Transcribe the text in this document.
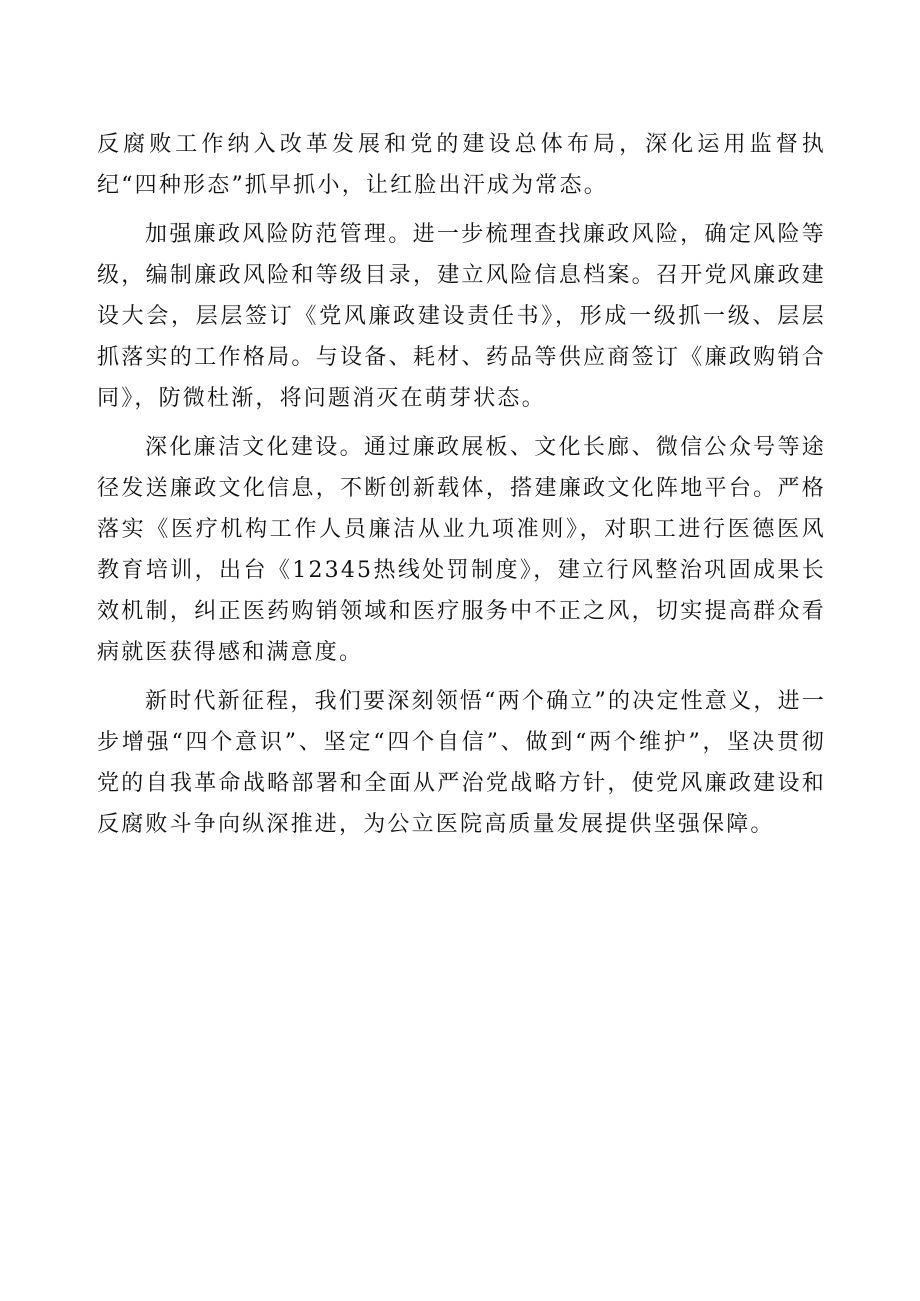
反腐败工作纳入改革发展和党的建设总体布局，深化运用监督执纪“四种形态”抓早抓小，让红脸出汗成为常态。

加强廉政风险防范管理。进一步梳理查找廉政风险，确定风险等级，编制廉政风险和等级目录，建立风险信息档案。召开党风廉政建设大会，层层签订《党风廉政建设责任书》，形成一级抓一级、层层抓落实的工作格局。与设备、耗材、药品等供应商签订《廉政购销合同》，防微杜渐，将问题消灭在萌芽状态。

深化廉洁文化建设。通过廉政展板、文化长廊、微信公众号等途径发送廉政文化信息，不断创新载体，搭建廉政文化阵地平台。严格落实《医疗机构工作人员廉洁从业九项准则》，对职工进行医德医风教育培训，出台《12345热线处罚制度》，建立行风整治巩固成果长效机制，纠正医药购销领域和医疗服务中不正之风，切实提高群众看病就医获得感和满意度。

新时代新征程，我们要深刻领悟“两个确立”的决定性意义，进一步增强“四个意识”、坚定“四个自信”、做到“两个维护”，坚决贯彻党的自我革命战略部署和全面从严治党战略方针，使党风廉政建设和反腐败斗争向纵深推进，为公立医院高质量发展提供坚强保障。
